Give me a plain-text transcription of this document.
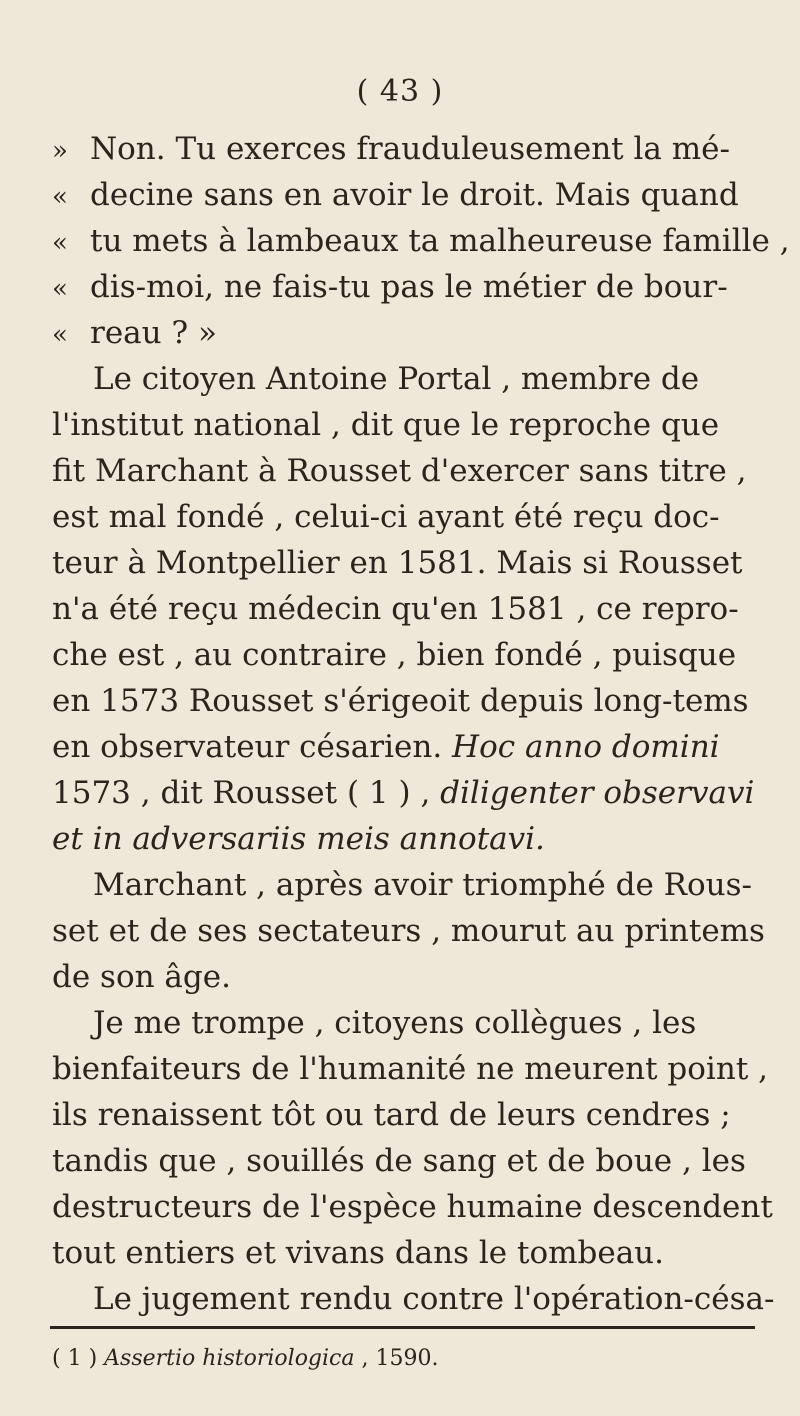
( 43 )
» Non. Tu exerces frauduleusement la mé-
« decine sans en avoir le droit. Mais quand
« tu mets à lambeaux ta malheureuse famille ,
« dis-moi, ne fais-tu pas le métier de bour-
« reau ? »
Le citoyen Antoine Portal , membre de
l'institut national , dit que le reproche que
fit Marchant à Rousset d'exercer sans titre ,
est mal fondé , celui-ci ayant été reçu doc-
teur à Montpellier en 1581. Mais si Rousset
n'a été reçu médecin qu'en 1581 , ce repro-
che est , au contraire , bien fondé , puisque
en 1573 Rousset s'érigeoit depuis long-tems
en observateur césarien. Hoc anno domini
1573 , dit Rousset ( 1 ) , diligenter observavi
et in adversariis meis annotavi.
Marchant , après avoir triomphé de Rous-
set et de ses sectateurs , mourut au printems
de son âge.
Je me trompe , citoyens collègues , les
bienfaiteurs de l'humanité ne meurent point ,
ils renaissent tôt ou tard de leurs cendres ;
tandis que , souillés de sang et de boue , les
destructeurs de l'espèce humaine descendent
tout entiers et vivans dans le tombeau.
Le jugement rendu contre l'opération-césa-
( 1 ) Assertio historiologica , 1590.
